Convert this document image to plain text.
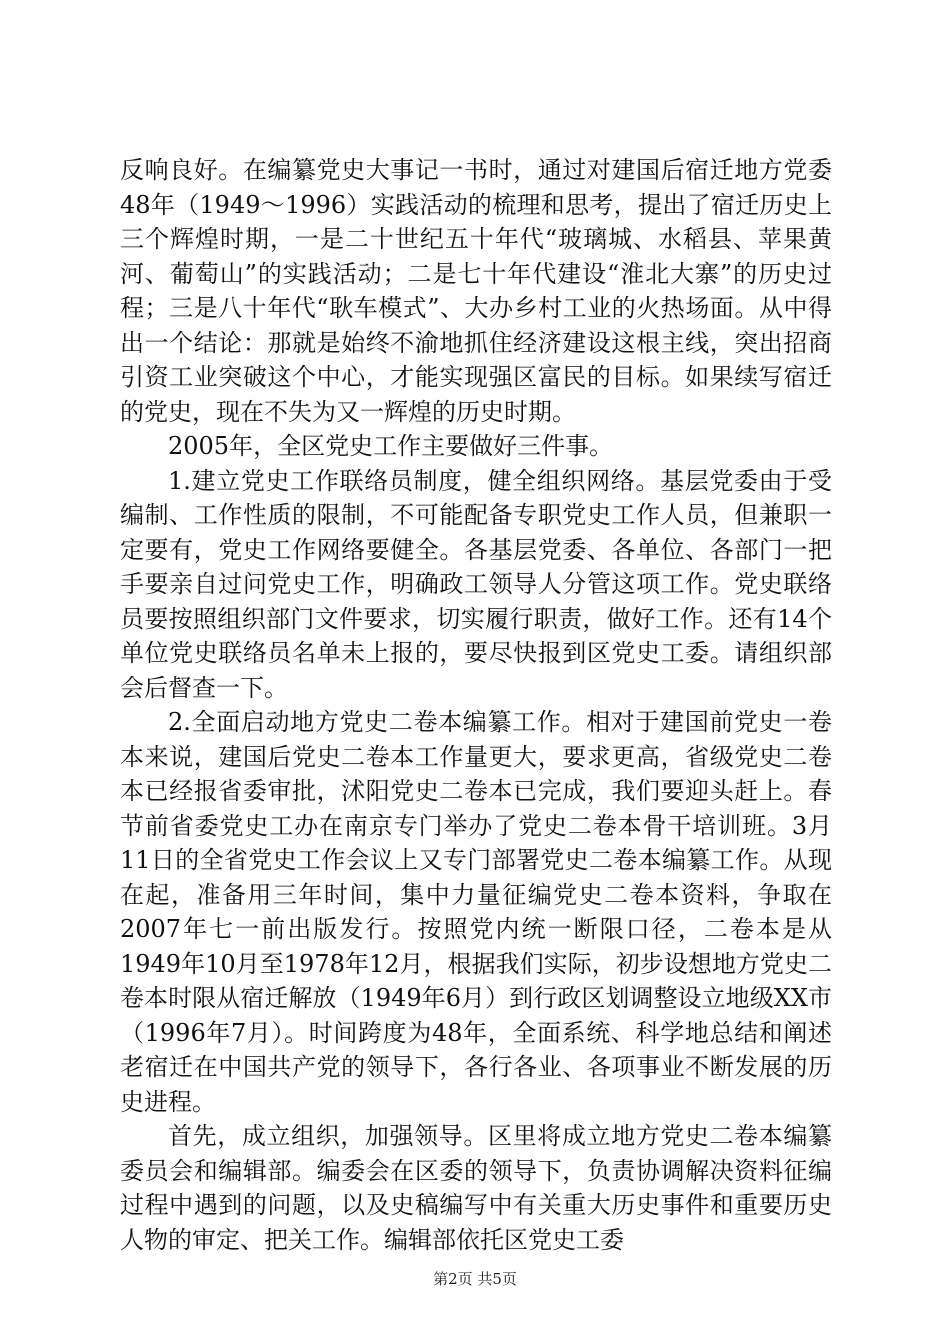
反响良好。在编纂党史大事记一书时，通过对建国后宿迁地方党委48年（1949～1996）实践活动的梳理和思考，提出了宿迁历史上三个辉煌时期，一是二十世纪五十年代“玻璃城、水稻县、苹果黄河、葡萄山”的实践活动；二是七十年代建设“淮北大寨”的历史过程；三是八十年代“耿车模式”、大办乡村工业的火热场面。从中得出一个结论：那就是始终不渝地抓住经济建设这根主线，突出招商引资工业突破这个中心，才能实现强区富民的目标。如果续写宿迁的党史，现在不失为又一辉煌的历史时期。

2005年，全区党史工作主要做好三件事。

1.建立党史工作联络员制度，健全组织网络。基层党委由于受编制、工作性质的限制，不可能配备专职党史工作人员，但兼职一定要有，党史工作网络要健全。各基层党委、各单位、各部门一把手要亲自过问党史工作，明确政工领导人分管这项工作。党史联络员要按照组织部门文件要求，切实履行职责，做好工作。还有14个单位党史联络员名单未上报的，要尽快报到区党史工委。请组织部会后督查一下。

2.全面启动地方党史二卷本编纂工作。相对于建国前党史一卷本来说，建国后党史二卷本工作量更大，要求更高，省级党史二卷本已经报省委审批，沭阳党史二卷本已完成，我们要迎头赶上。春节前省委党史工办在南京专门举办了党史二卷本骨干培训班。3月11日的全省党史工作会议上又专门部署党史二卷本编纂工作。从现在起，准备用三年时间，集中力量征编党史二卷本资料，争取在2007年七一前出版发行。按照党内统一断限口径，二卷本是从1949年10月至1978年12月，根据我们实际，初步设想地方党史二卷本时限从宿迁解放（1949年6月）到行政区划调整设立地级XX市（1996年7月）。时间跨度为48年，全面系统、科学地总结和阐述老宿迁在中国共产党的领导下，各行各业、各项事业不断发展的历史进程。

首先，成立组织，加强领导。区里将成立地方党史二卷本编纂委员会和编辑部。编委会在区委的领导下，负责协调解决资料征编过程中遇到的问题，以及史稿编写中有关重大历史事件和重要历史人物的审定、把关工作。编辑部依托区党史工委

第2页 共5页
